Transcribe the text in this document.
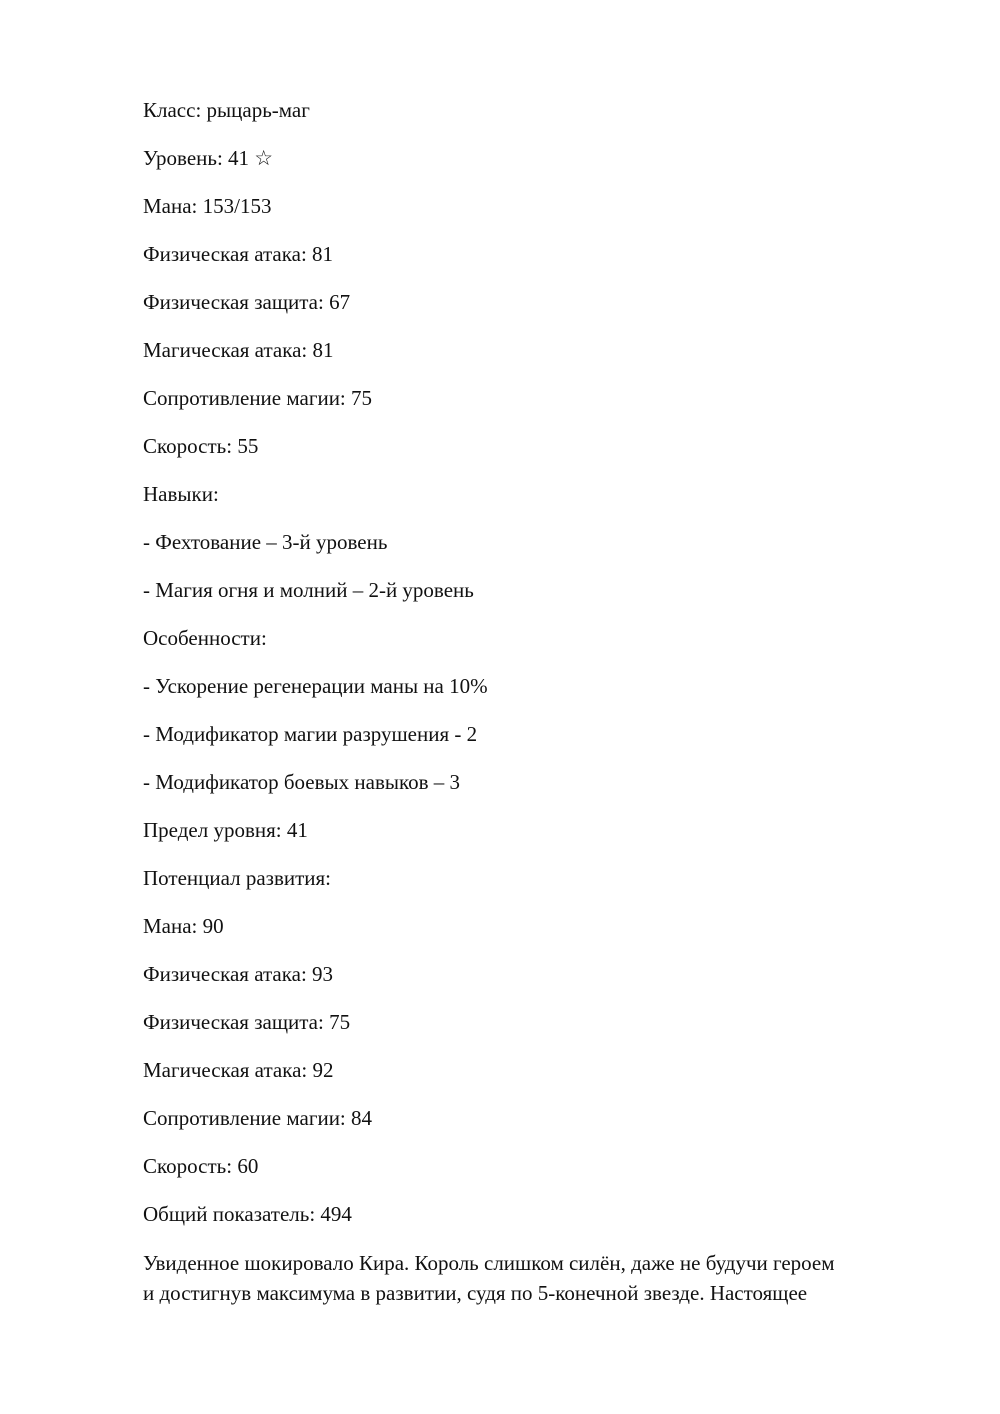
Класс: рыцарь-маг
Уровень: 41 ☆
Мана: 153/153
Физическая атака: 81
Физическая защита: 67
Магическая атака: 81
Сопротивление магии: 75
Скорость: 55
Навыки:
- Фехтование – 3-й уровень
- Магия огня и молний – 2-й уровень
Особенности:
- Ускорение регенерации маны на 10%
- Модификатор магии разрушения - 2
- Модификатор боевых навыков – 3
Предел уровня: 41
Потенциал развития:
Мана: 90
Физическая атака: 93
Физическая защита: 75
Магическая атака: 92
Сопротивление магии: 84
Скорость: 60
Общий показатель: 494
Увиденное шокировало Кира. Король слишком силён, даже не будучи героем
и достигнув максимума в развитии, судя по 5-конечной звезде. Настоящее
